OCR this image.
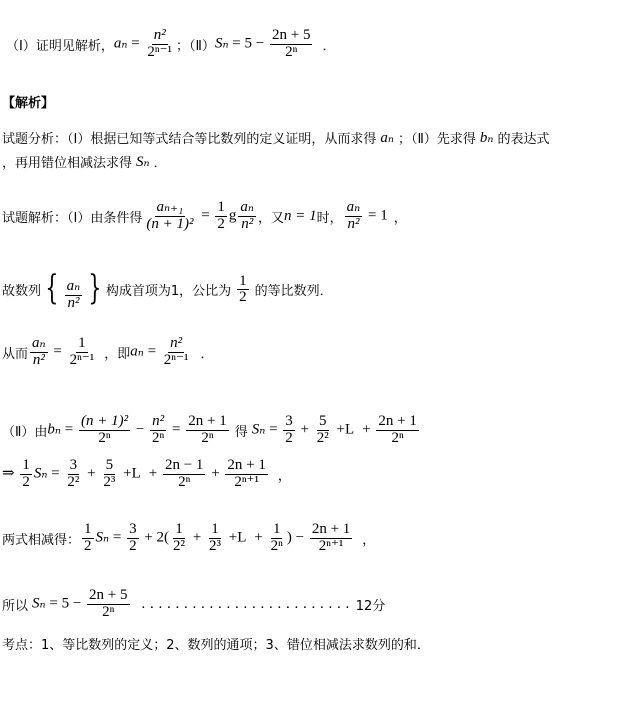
（Ⅰ）证明见解析， $a_n = \frac{\text{n²}}{\text{2ⁿ⁻¹}}$ ；（Ⅱ） $S_n = 5 - \frac{2n + 5}{\text{2ⁿ}}$ ．
【解析】
试题分析：（Ⅰ）根据已知等式结合等比数列的定义证明，从而求得 aₙ ；（Ⅱ）先求得 bₙ 的表达式
，再用错位相减法求得 Sₙ ．
试题解析：（Ⅰ）由条件得 $\frac{\text{aₙ₊₁}}{\text{(n + 1)²}} = \frac{1}{2}$ g $\frac{\text{aₙ}}{\text{n²}}$ ，又 n = 1 时， $\frac{\text{aₙ}}{\text{n²}} = 1$ ，
故数列 { $\frac{\text{aₙ}}{\text{n²}}$ } 构成首项为1，公比为 $\frac{1}{2}$ 的等比数列．
从而 $\frac{\text{aₙ}}{\text{n²}} = \frac{1}{\text{2ⁿ⁻¹}}$ ，即 $a_n = \frac{\text{n²}}{\text{2ⁿ⁻¹}}$ ．
（Ⅱ）由 $b_n = \frac{\text{(n + 1)²}}{\text{2ⁿ}} - \frac{\text{n²}}{\text{2ⁿ}} = \frac{2n + 1}{\text{2ⁿ}}$ 得 $S_n = \frac{3}{2} + \frac{5}{\text{2²}} +L + \frac{2n + 1}{\text{2ⁿ}}$
⇒ $\frac{1}{2}$ $S_n = \frac{3}{\text{2²}} + \frac{5}{\text{2³}} +L + \frac{2n - 1}{\text{2ⁿ}} + \frac{2n + 1}{\text{2ⁿ⁺¹}}$ ，
两式相减得： $\frac{1}{2}$ $S_n = \frac{3}{2} + 2( \frac{1}{\text{2²}} + \frac{1}{\text{2³}} +L + \frac{1}{\text{2ⁿ}}$ ) − $\frac{2n + 1}{\text{2ⁿ⁺¹}}$ ，
所以 $S_n = 5 - \frac{2n + 5}{\text{2ⁿ}}$ . . . . . . . . . . . . . . . . . . . . . . . . . 12分
考点：1、等比数列的定义；2、数列的通项；3、错位相减法求数列的和．
